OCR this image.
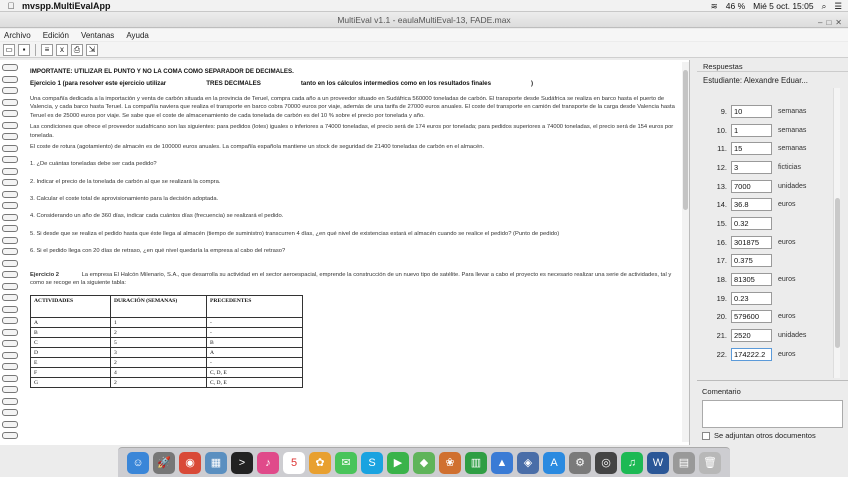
mvspp.MultiEvalApp	≋ 46 % Mié 5 oct. 15:05 ⌕ ☰
MultiEval v1.1 - eaulaMultiEval-13, FADE.max	– □ ✕
Archivo Edición Ventanas Ayuda
▭	▪	≡	x	⎙	⇲

IMPORTANTE: UTILIZAR EL PUNTO Y NO LA COMA COMO SEPARADOR DE DECIMALES.

Ejercicio 1 (para resolver este ejercicio utilizar	TRES DECIMALES	tanto en los cálculos intermedios como en los resultados finales	)

Una compañía dedicada a la importación y venta de carbón situada en la provincia de Teruel, compra cada año a un proveedor situado en Sudáfrica 560000 toneladas de carbón. El transporte desde Sudáfrica se realiza en barco hasta el puerto de Valencia, y cada barco hasta Teruel. La compañía naviera que realiza el transporte en barco cobra 70000 euros por viaje, además de una tarifa de 27000 euros anuales. El coste del transporte en camión del transporte de la carga desde Valencia hasta Teruel es de 25000 euros por viaje. Se sabe que el coste de almacenamiento de cada tonelada de carbón es del 10 % sobre el precio por tonelada y año.

Las condiciones que ofrece el proveedor sudafricano son las siguientes: para pedidos (lotes) iguales o inferiores a 74000 toneladas, el precio será de 174 euros por tonelada; para pedidos superiores a 74000 toneladas, el precio será de 154 euros por tonelada.

El coste de rotura (agotamiento) de almacén es de 100000 euros anuales. La compañía española mantiene un stock de seguridad de 21400 toneladas de carbón en el almacén.

1. ¿De cuántas toneladas debe ser cada pedido?

2. Indicar el precio de la tonelada de carbón al que se realizará la compra.

3. Calcular el coste total de aprovisionamiento para la decisión adoptada.

4. Considerando un año de 360 días, indicar cada cuántos días (frecuencia) se realizará el pedido.

5. Si desde que se realiza el pedido hasta que éste llega al almacén (tiempo de suministro) transcurren 4 días, ¿en qué nivel de existencias estará el almacén cuando se realice el pedido? (Punto de pedido)

6. Si el pedido llega con 20 días de retraso, ¿en qué nivel quedaría la empresa al cabo del retraso?

Ejercicio 2	La empresa El Halcón Milenario, S.A., que desarrolla su actividad en el sector aeroespacial, emprende la construcción de un nuevo tipo de satélite. Para llevar a cabo el proyecto es necesario realizar una serie de actividades, tal y como se recoge en la siguiente tabla:

ACTIVIDADES	DURACIÓN (SEMANAS)	PRECEDENTES
A	1	-
B	2	-
C	5	B
D	3	A
E	2	-
F	4	C, D, E
G	2	C, D, E
Respuestas
Estudiante: Alexandre Eduar...
9. 10	semanas
10. 1	semanas
11. 15	semanas
12. 3	ficticias
13. 7000	unidades
14. 36.8	euros
15. 0.32
16. 301875	euros
17. 0.375
18. 81305	euros
19. 0.23
20. 579600	euros
21. 2520	unidades
22. 174222.2	euros
Comentario
Se adjuntan otros documentos
☺	🚀	◉	▦	>	♪	5	✿	✉	S	▶	◆	❀	▥	▲	◈	A	⚙	◎	♫	W	▤	🗑
